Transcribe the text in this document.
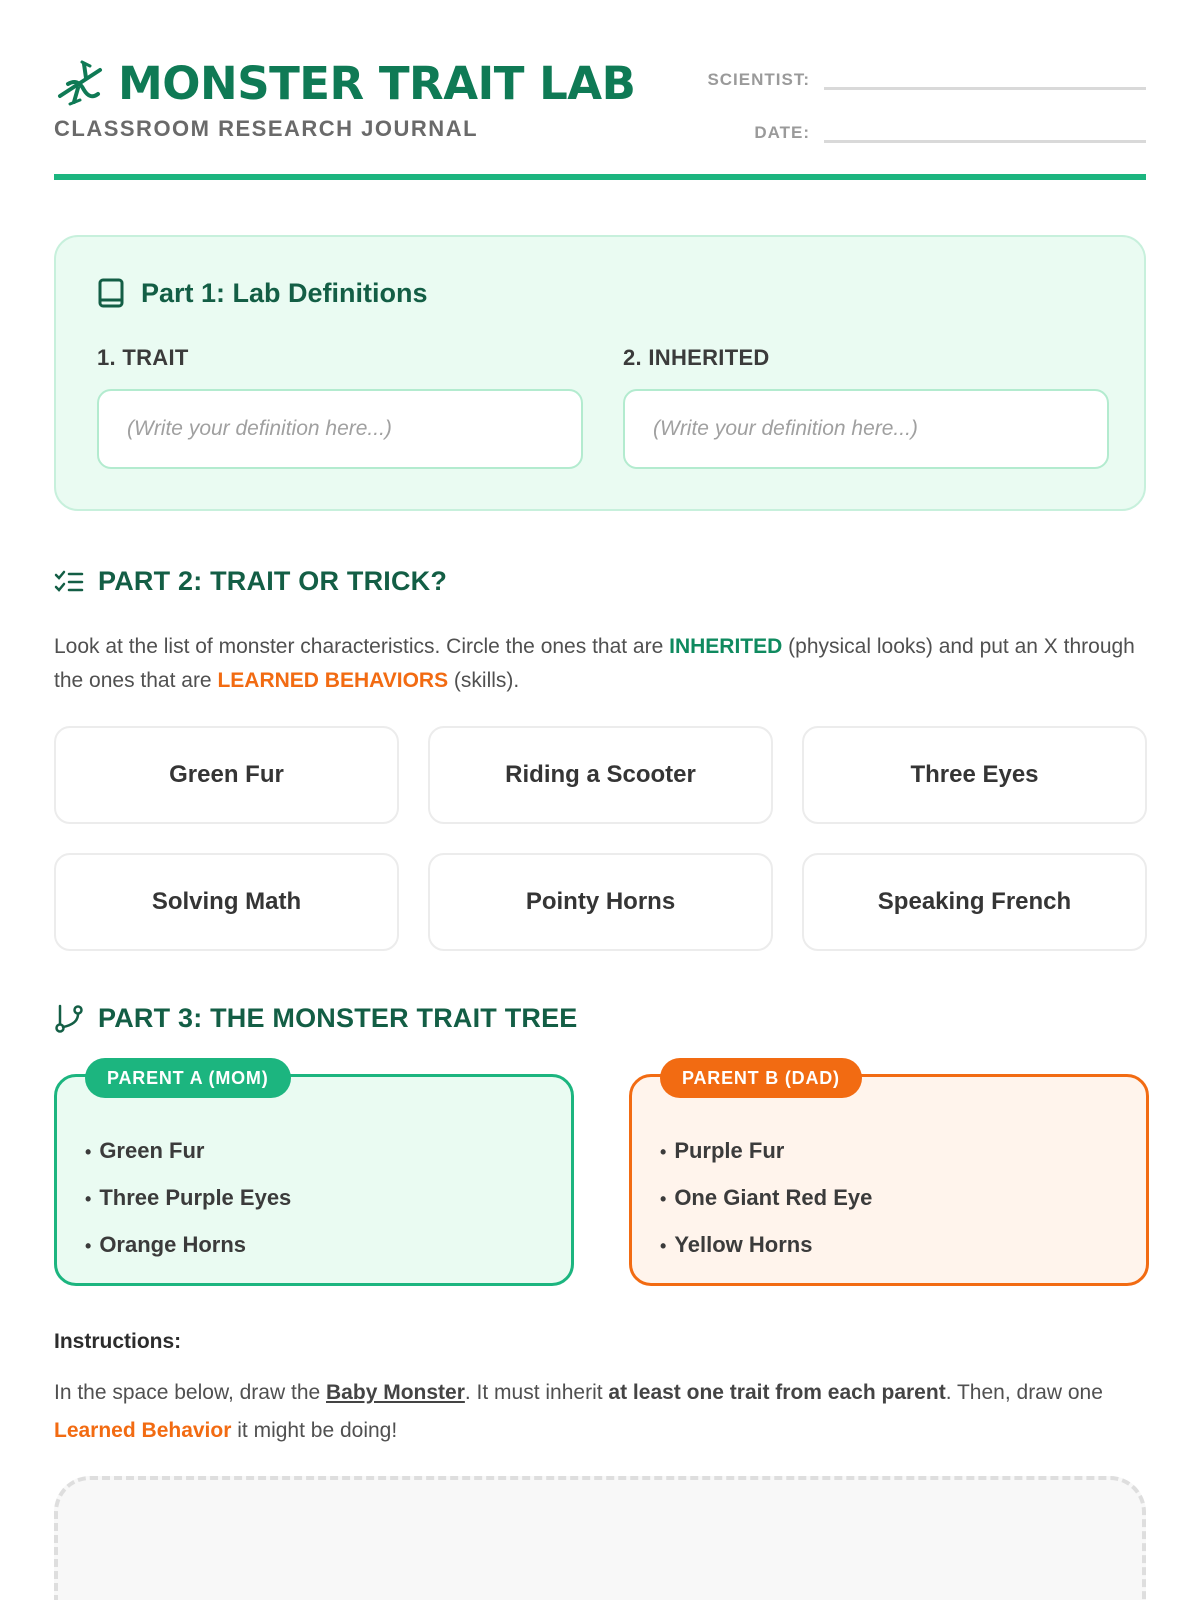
MONSTER TRAIT LAB
CLASSROOM RESEARCH JOURNAL
SCIENTIST:
DATE:
Part 1: Lab Definitions
1. TRAIT
(Write your definition here...)
2. INHERITED
(Write your definition here...)
PART 2: TRAIT OR TRICK?
Look at the list of monster characteristics. Circle the ones that are INHERITED (physical looks) and put an X through the ones that are LEARNED BEHAVIORS (skills).
Green Fur	Riding a Scooter	Three Eyes
Solving Math	Pointy Horns	Speaking French
PART 3: THE MONSTER TRAIT TREE
PARENT A (MOM)
• Green Fur
• Three Purple Eyes
• Orange Horns
PARENT B (DAD)
• Purple Fur
• One Giant Red Eye
• Yellow Horns
Instructions:
In the space below, draw the Baby Monster. It must inherit at least one trait from each parent. Then, draw one Learned Behavior it might be doing!
